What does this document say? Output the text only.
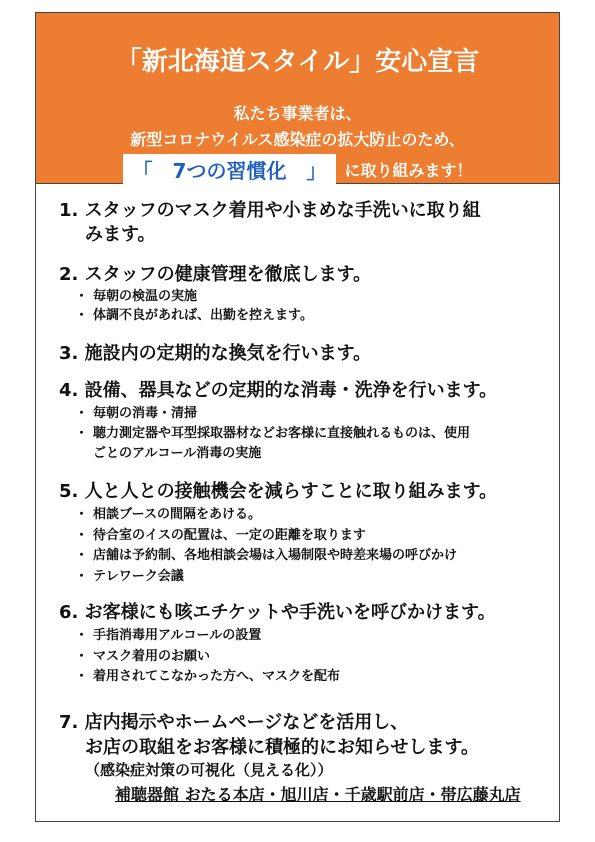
「新北海道スタイル」安心宣言
私たち事業者は、
新型コロナウイルス感染症の拡大防止のため、
「　7つの習慣化　」 に取り組みます！
1. スタッフのマスク着用や小まめな手洗いに取り組
みます。
2. スタッフの健康管理を徹底します。
・ 毎朝の検温の実施
・ 体調不良があれば、出勤を控えます。
3. 施設内の定期的な換気を行います。
4. 設備、器具などの定期的な消毒・洗浄を行います。
・ 毎朝の消毒・清掃
・ 聴力測定器や耳型採取器材などお客様に直接触れるものは、使用
ごとのアルコール消毒の実施
5. 人と人との接触機会を減らすことに取り組みます。
・ 相談ブースの間隔をあける。
・ 待合室のイスの配置は、一定の距離を取ります
・ 店舗は予約制、各地相談会場は入場制限や時差来場の呼びかけ
・ テレワーク会議
6. お客様にも咳エチケットや手洗いを呼びかけます。
・ 手指消毒用アルコールの設置
・ マスク着用のお願い
・ 着用されてこなかった方へ、マスクを配布
7. 店内掲示やホームページなどを活用し、
お店の取組をお客様に積極的にお知らせします。
（感染症対策の可視化（見える化））
補聴器館 おたる本店・旭川店・千歳駅前店・帯広藤丸店
